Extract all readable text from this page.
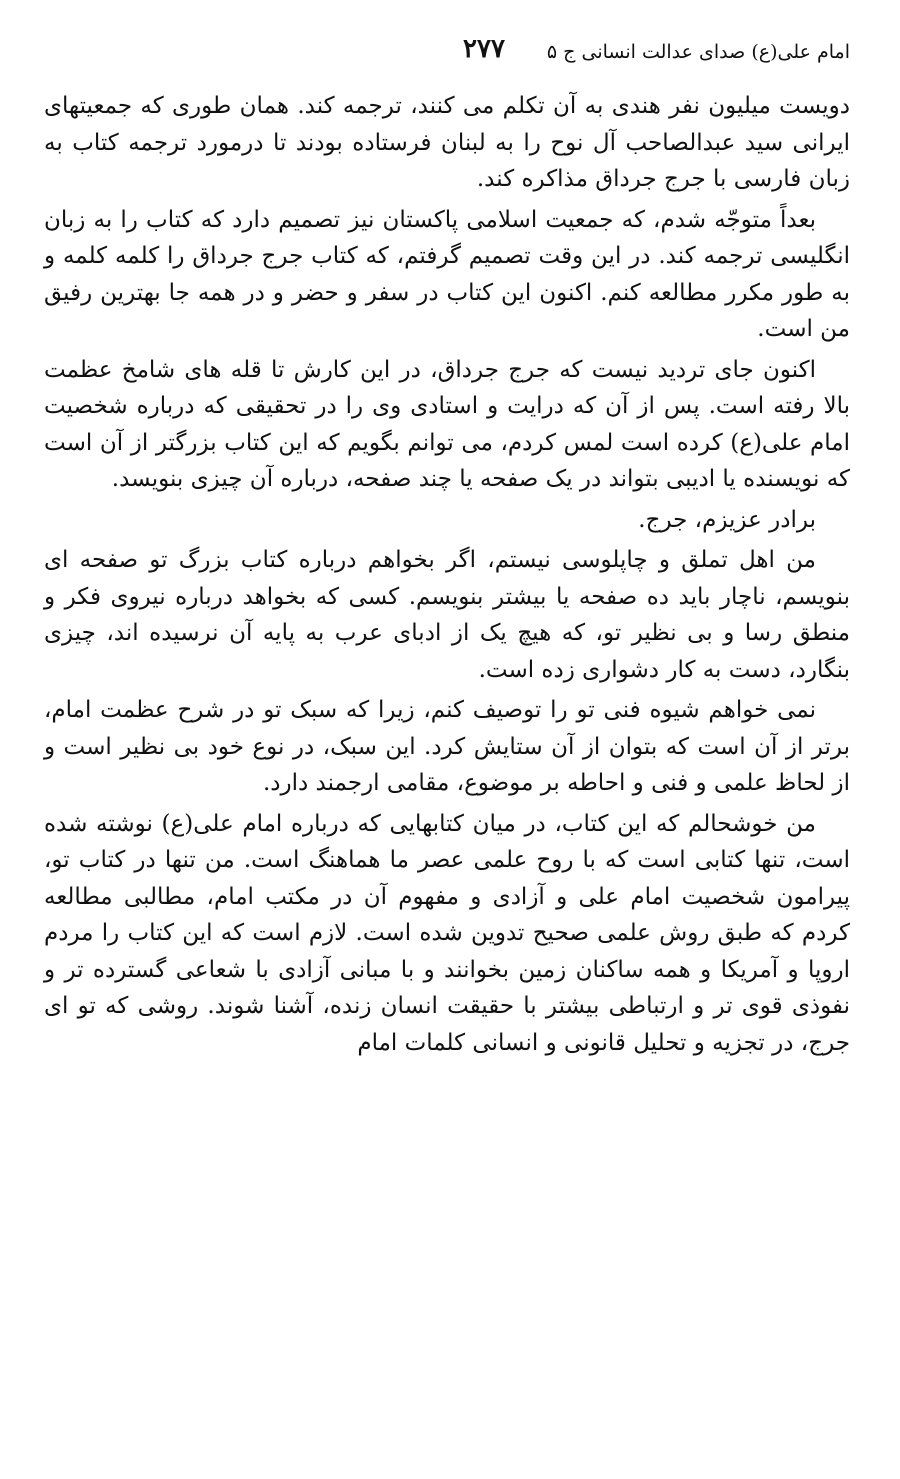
امام علی(ع) صدای عدالت انسانی ج ۵
۲۷۷

دویست میلیون نفر هندی به آن تکلم می کنند، ترجمه کند. همان طوری که جمعیتهای ایرانی سید عبدالصاحب آل نوح را به لبنان فرستاده بودند تا درمورد ترجمه کتاب به زبان فارسی با جرج جرداق مذاکره کند.

بعداً متوجّه شدم، که جمعیت اسلامی پاکستان نیز تصمیم دارد که کتاب را به زبان انگلیسی ترجمه کند. در این وقت تصمیم گرفتم، که کتاب جرج جرداق را کلمه کلمه و به طور مکرر مطالعه کنم. اکنون این کتاب در سفر و حضر و در همه جا بهترین رفیق من است.

اکنون جای تردید نیست که جرج جرداق، در این کارش تا قله های شامخ عظمت بالا رفته است. پس از آن که درایت و استادی وی را در تحقیقی که درباره شخصیت امام علی(ع) کرده است لمس کردم، می توانم بگویم که این کتاب بزرگتر از آن است که نویسنده یا ادیبی بتواند در یک صفحه یا چند صفحه، درباره آن چیزی بنویسد.

برادر عزیزم، جرج.

من اهل تملق و چاپلوسی نیستم، اگر بخواهم درباره کتاب بزرگ تو صفحه ای بنویسم، ناچار باید ده صفحه یا بیشتر بنویسم. کسی که بخواهد درباره نیروی فکر و منطق رسا و بی نظیر تو، که هیچ یک از ادبای عرب به پایه آن نرسیده اند، چیزی بنگارد، دست به کار دشواری زده است.

نمی خواهم شیوه فنی تو را توصیف کنم، زیرا که سبک تو در شرح عظمت امام، برتر از آن است که بتوان از آن ستایش کرد. این سبک، در نوع خود بی نظیر است و از لحاظ علمی و فنی و احاطه بر موضوع، مقامی ارجمند دارد.

من خوشحالم که این کتاب، در میان کتابهایی که درباره امام علی(ع) نوشته شده است، تنها کتابی است که با روح علمی عصر ما هماهنگ است. من تنها در کتاب تو، پیرامون شخصیت امام علی و آزادی و مفهوم آن در مکتب امام، مطالبی مطالعه کردم که طبق روش علمی صحیح تدوین شده است. لازم است که این کتاب را مردم اروپا و آمریکا و همه ساکنان زمین بخوانند و با مبانی آزادی با شعاعی گسترده تر و نفوذی قوی تر و ارتباطی بیشتر با حقیقت انسان زنده، آشنا شوند. روشی که تو ای جرج، در تجزیه و تحلیل قانونی و انسانی کلمات امام
